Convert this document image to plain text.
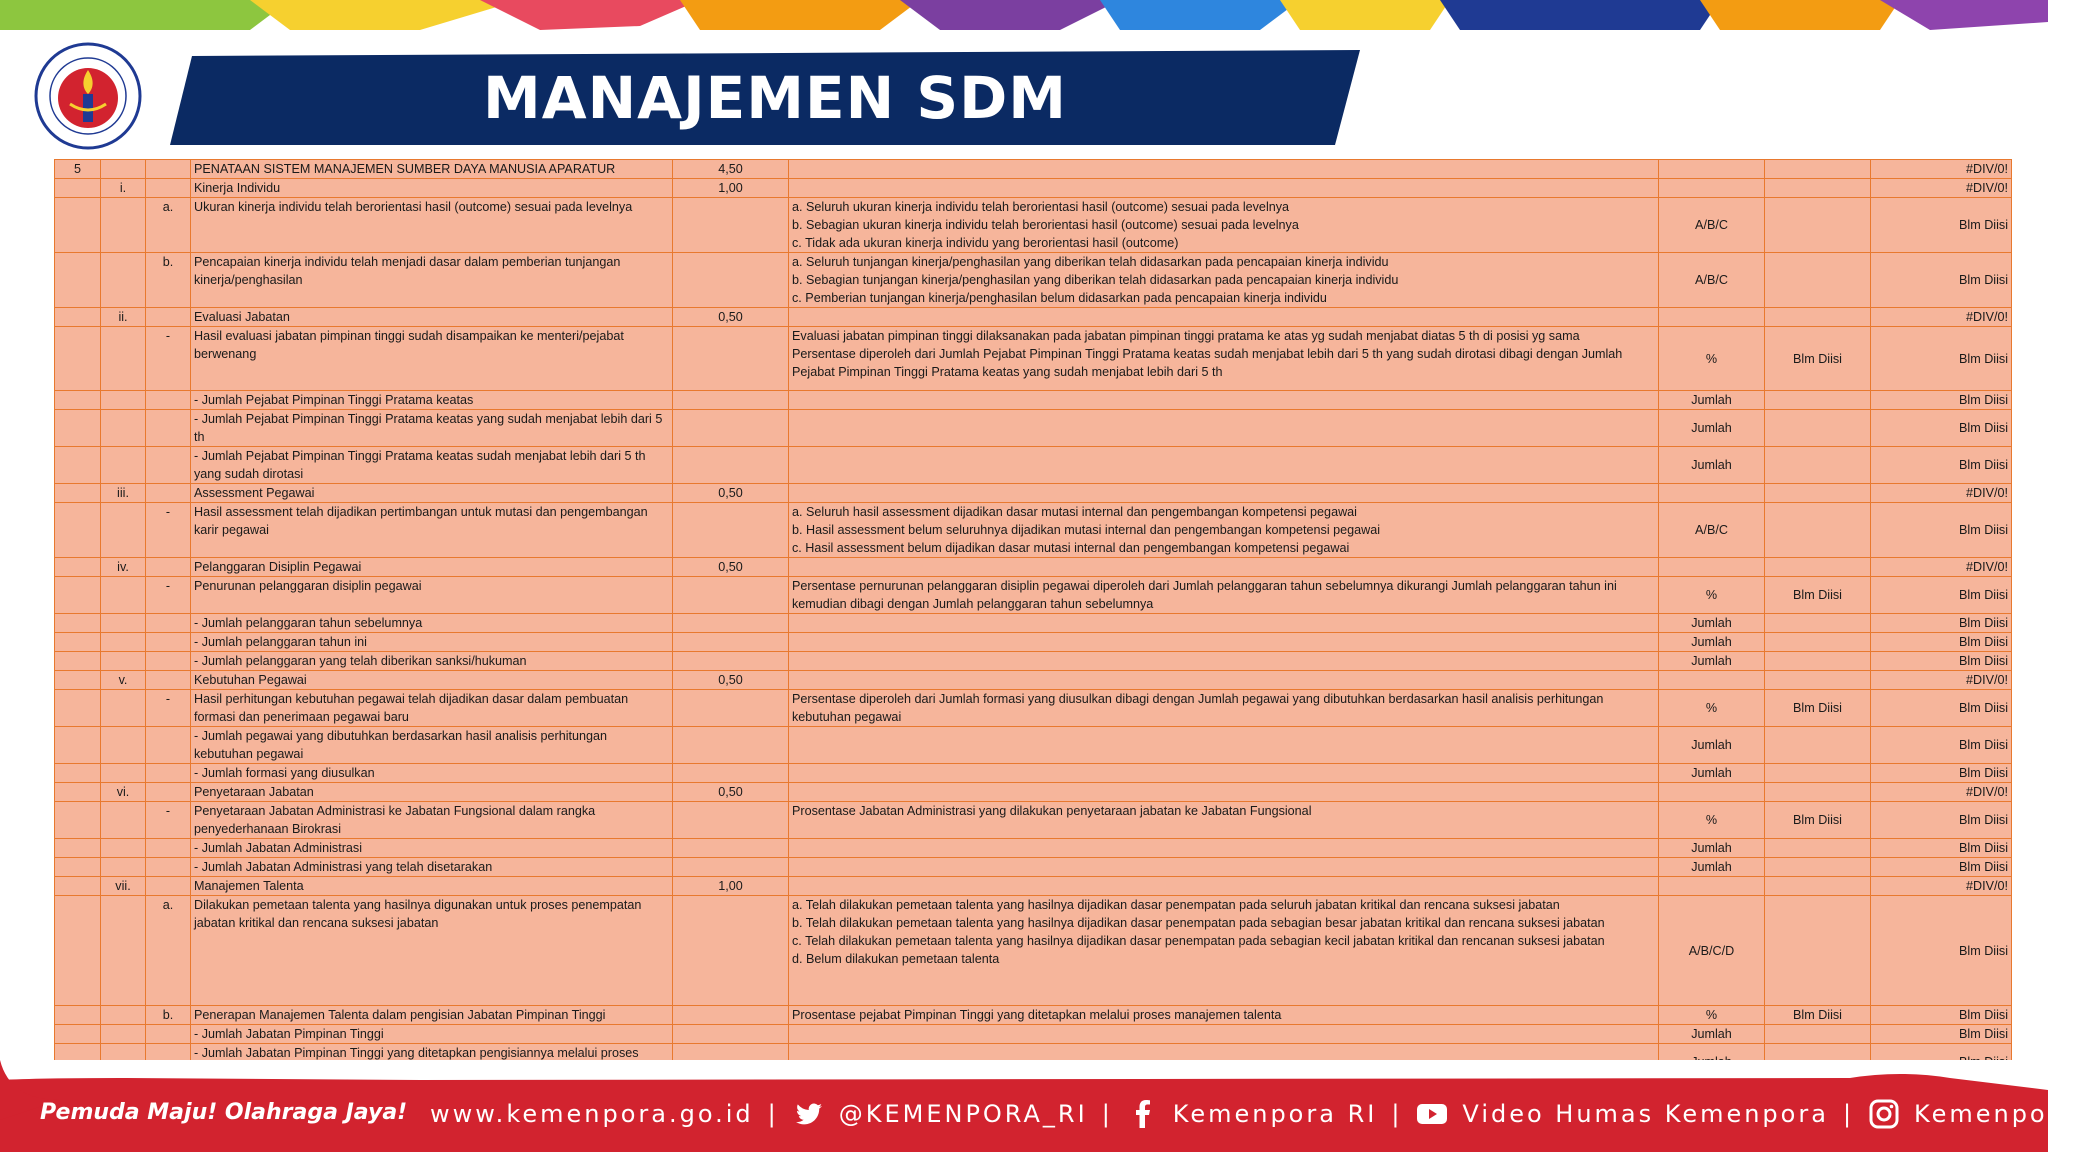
MANAJEMEN SDM
5			PENATAAN SISTEM MANAJEMEN SUMBER DAYA MANUSIA APARATUR	4,50				#DIV/0!
	i.		Kinerja Individu	1,00				#DIV/0!
		a.	Ukuran kinerja individu telah berorientasi hasil (outcome) sesuai pada levelnya		a. Seluruh ukuran kinerja individu telah berorientasi hasil (outcome) sesuai pada levelnya
b. Sebagian ukuran kinerja individu telah berorientasi hasil (outcome) sesuai pada levelnya
c. Tidak ada ukuran kinerja individu yang berorientasi hasil (outcome)	A/B/C		Blm Diisi
		b.	Pencapaian kinerja individu telah menjadi dasar dalam pemberian tunjangan kinerja/penghasilan		a. Seluruh tunjangan kinerja/penghasilan yang diberikan telah didasarkan pada pencapaian kinerja individu
b. Sebagian tunjangan kinerja/penghasilan yang diberikan telah didasarkan pada pencapaian kinerja individu
c. Pemberian tunjangan kinerja/penghasilan belum didasarkan pada pencapaian kinerja individu	A/B/C		Blm Diisi
	ii.		Evaluasi Jabatan	0,50				#DIV/0!
		-	Hasil evaluasi jabatan pimpinan tinggi sudah disampaikan ke menteri/pejabat berwenang		Evaluasi jabatan pimpinan tinggi dilaksanakan pada jabatan pimpinan tinggi pratama ke atas yg sudah menjabat diatas 5 th di posisi yg sama
Persentase diperoleh dari Jumlah Pejabat Pimpinan Tinggi Pratama keatas sudah menjabat lebih dari 5 th yang sudah dirotasi dibagi dengan Jumlah Pejabat Pimpinan Tinggi Pratama keatas yang sudah menjabat lebih dari 5 th	%	Blm Diisi	Blm Diisi
			- Jumlah Pejabat Pimpinan Tinggi Pratama keatas			Jumlah		Blm Diisi
			- Jumlah Pejabat Pimpinan Tinggi Pratama keatas yang sudah menjabat lebih dari 5 th			Jumlah		Blm Diisi
			- Jumlah Pejabat Pimpinan Tinggi Pratama keatas sudah menjabat lebih dari 5 th yang sudah dirotasi			Jumlah		Blm Diisi
	iii.		Assessment Pegawai	0,50				#DIV/0!
		-	Hasil assessment telah dijadikan pertimbangan untuk mutasi dan pengembangan karir pegawai		a. Seluruh hasil assessment dijadikan dasar mutasi internal dan pengembangan kompetensi pegawai
b. Hasil assessment belum seluruhnya dijadikan mutasi internal dan pengembangan kompetensi pegawai
c. Hasil assessment belum dijadikan dasar mutasi internal dan pengembangan kompetensi pegawai	A/B/C		Blm Diisi
	iv.		Pelanggaran Disiplin Pegawai	0,50				#DIV/0!
		-	Penurunan pelanggaran disiplin pegawai		Persentase pernurunan pelanggaran disiplin pegawai diperoleh dari Jumlah pelanggaran tahun sebelumnya dikurangi Jumlah pelanggaran tahun ini kemudian dibagi dengan Jumlah pelanggaran tahun sebelumnya	%	Blm Diisi	Blm Diisi
			- Jumlah pelanggaran tahun sebelumnya			Jumlah		Blm Diisi
			- Jumlah pelanggaran tahun ini			Jumlah		Blm Diisi
			- Jumlah pelanggaran yang telah diberikan sanksi/hukuman			Jumlah		Blm Diisi
	v.		Kebutuhan Pegawai	0,50				#DIV/0!
		-	Hasil perhitungan kebutuhan pegawai telah dijadikan dasar dalam pembuatan formasi dan penerimaan pegawai baru		Persentase diperoleh dari Jumlah formasi yang diusulkan dibagi dengan Jumlah pegawai yang dibutuhkan berdasarkan hasil analisis perhitungan kebutuhan pegawai	%	Blm Diisi	Blm Diisi
			- Jumlah pegawai yang dibutuhkan berdasarkan hasil analisis perhitungan kebutuhan pegawai			Jumlah		Blm Diisi
			- Jumlah formasi yang diusulkan			Jumlah		Blm Diisi
	vi.		Penyetaraan Jabatan	0,50				#DIV/0!
		-	Penyetaraan Jabatan Administrasi ke Jabatan Fungsional dalam rangka penyederhanaan Birokrasi		Prosentase Jabatan Administrasi yang dilakukan penyetaraan jabatan ke Jabatan Fungsional	%	Blm Diisi	Blm Diisi
			- Jumlah Jabatan Administrasi			Jumlah		Blm Diisi
			- Jumlah Jabatan Administrasi yang telah disetarakan			Jumlah		Blm Diisi
	vii.		Manajemen Talenta	1,00				#DIV/0!
		a.	Dilakukan pemetaan talenta yang hasilnya digunakan untuk proses penempatan jabatan kritikal dan rencana suksesi jabatan		a. Telah dilakukan pemetaan talenta yang hasilnya dijadikan dasar penempatan pada seluruh jabatan kritikal dan rencana suksesi jabatan
b. Telah dilakukan pemetaan talenta yang hasilnya dijadikan dasar penempatan pada sebagian besar jabatan kritikal dan rencana suksesi jabatan
c. Telah dilakukan pemetaan talenta yang hasilnya dijadikan dasar penempatan pada sebagian kecil jabatan kritikal dan rencanan suksesi jabatan
d. Belum dilakukan pemetaan talenta	A/B/C/D		Blm Diisi
		b.	Penerapan Manajemen Talenta dalam pengisian Jabatan Pimpinan Tinggi		Prosentase pejabat Pimpinan Tinggi yang ditetapkan melalui proses manajemen talenta	%	Blm Diisi	Blm Diisi
			- Jumlah Jabatan Pimpinan Tinggi			Jumlah		Blm Diisi
			- Jumlah Jabatan Pimpinan Tinggi yang ditetapkan pengisiannya melalui proses					
Pemuda Maju! Olahraga Jaya! www.kemenpora.go.id |	@KEMENPORA_RI |	Kemenpora RI |	Video Humas Kemenpora |	Kemenpora
